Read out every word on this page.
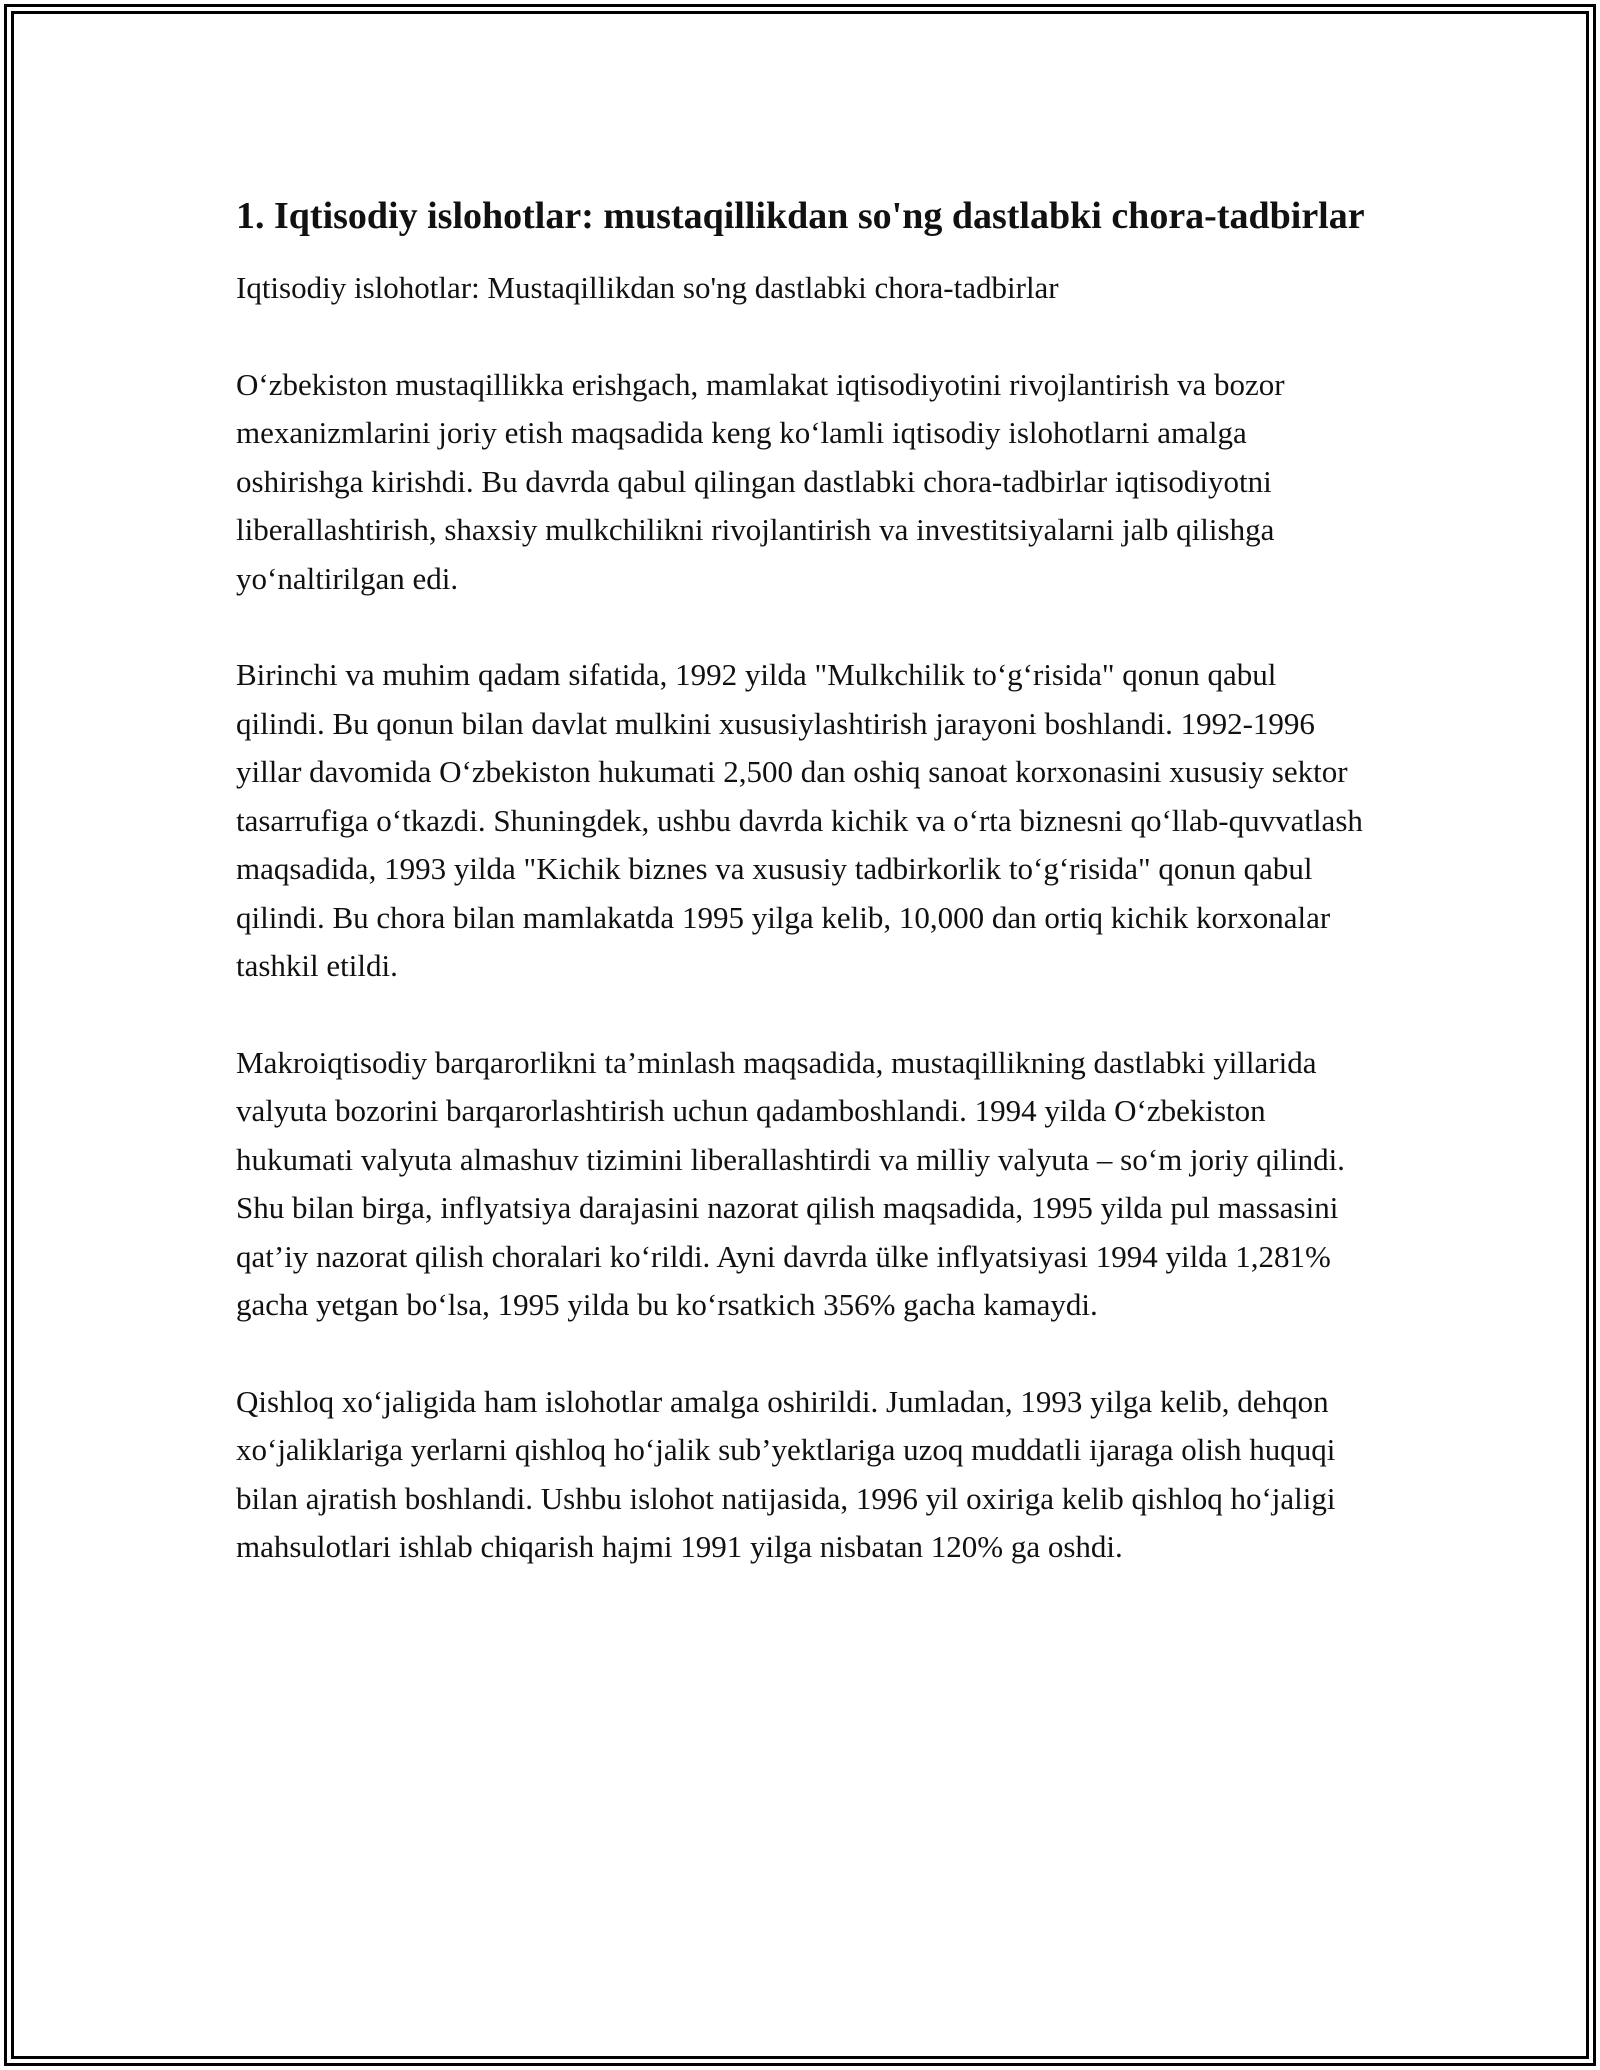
1. Iqtisodiy islohotlar: mustaqillikdan so'ng dastlabki chora-tadbirlar

Iqtisodiy islohotlar: Mustaqillikdan so'ng dastlabki chora-tadbirlar

O‘zbekiston mustaqillikka erishgach, mamlakat iqtisodiyotini rivojlantirish va bozor mexanizmlarini joriy etish maqsadida keng ko‘lamli iqtisodiy islohotlarni amalga oshirishga kirishdi. Bu davrda qabul qilingan dastlabki chora-tadbirlar iqtisodiyotni liberallashtirish, shaxsiy mulkchilikni rivojlantirish va investitsiyalarni jalb qilishga yo‘naltirilgan edi.

Birinchi va muhim qadam sifatida, 1992 yilda "Mulkchilik to‘g‘risida" qonun qabul qilindi. Bu qonun bilan davlat mulkini xususiylashtirish jarayoni boshlandi. 1992-1996 yillar davomida O‘zbekiston hukumati 2,500 dan oshiq sanoat korxonasini xususiy sektor tasarrufiga o‘tkazdi. Shuningdek, ushbu davrda kichik va o‘rta biznesni qo‘llab-quvvatlash maqsadida, 1993 yilda "Kichik biznes va xususiy tadbirkorlik to‘g‘risida" qonun qabul qilindi. Bu chora bilan mamlakatda 1995 yilga kelib, 10,000 dan ortiq kichik korxonalar tashkil etildi.

Makroiqtisodiy barqarorlikni ta’minlash maqsadida, mustaqillikning dastlabki yillarida valyuta bozorini barqarorlashtirish uchun qadamboshlandi. 1994 yilda O‘zbekiston hukumati valyuta almashuv tizimini liberallashtirdi va milliy valyuta – so‘m joriy qilindi. Shu bilan birga, inflyatsiya darajasini nazorat qilish maqsadida, 1995 yilda pul massasini qat’iy nazorat qilish choralari ko‘rildi. Ayni davrda ülke inflyatsiyasi 1994 yilda 1,281% gacha yetgan bo‘lsa, 1995 yilda bu ko‘rsatkich 356% gacha kamaydi.

Qishloq xo‘jaligida ham islohotlar amalga oshirildi. Jumladan, 1993 yilga kelib, dehqon xo‘jaliklariga yerlarni qishloq ho‘jalik sub’yektlariga uzoq muddatli ijaraga olish huquqi bilan ajratish boshlandi. Ushbu islohot natijasida, 1996 yil oxiriga kelib qishloq ho‘jaligi mahsulotlari ishlab chiqarish hajmi 1991 yilga nisbatan 120% ga oshdi.
